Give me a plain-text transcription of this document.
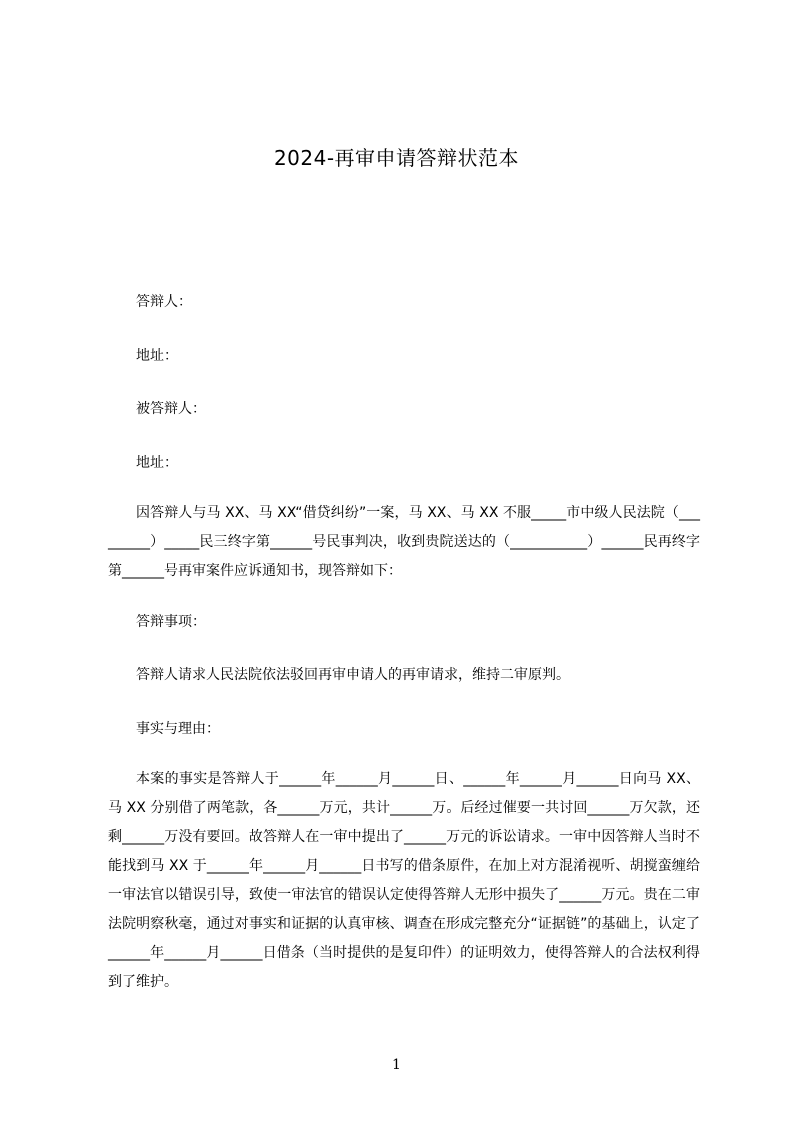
2024-再审申请答辩状范本
答辩人：
地址：
被答辩人：
地址：
因答辩人与马 XX、马 XX“借贷纠纷”一案，马 XX、马 XX 不服_____市中级人民法院（_________）_____民三终字第______号民事判决，收到贵院送达的（___________）______民再终字第______号再审案件应诉通知书，现答辩如下：
答辩事项：
答辩人请求人民法院依法驳回再审申请人的再审请求，维持二审原判。
事实与理由：
本案的事实是答辩人于______年______月______日、______年______月______日向马 XX、马 XX 分别借了两笔款，各______万元，共计______万。后经过催要一共讨回______万欠款，还剩______万没有要回。故答辩人在一审中提出了______万元的诉讼请求。一审中因答辩人当时不能找到马 XX 于______年______月______日书写的借条原件，在加上对方混淆视听、胡搅蛮缠给一审法官以错误引导，致使一审法官的错误认定使得答辩人无形中损失了______万元。贵在二审法院明察秋毫，通过对事实和证据的认真审核、调查在形成完整充分“证据链”的基础上，认定了______年______月______日借条（当时提供的是复印件）的证明效力，使得答辩人的合法权利得到了维护。
1
